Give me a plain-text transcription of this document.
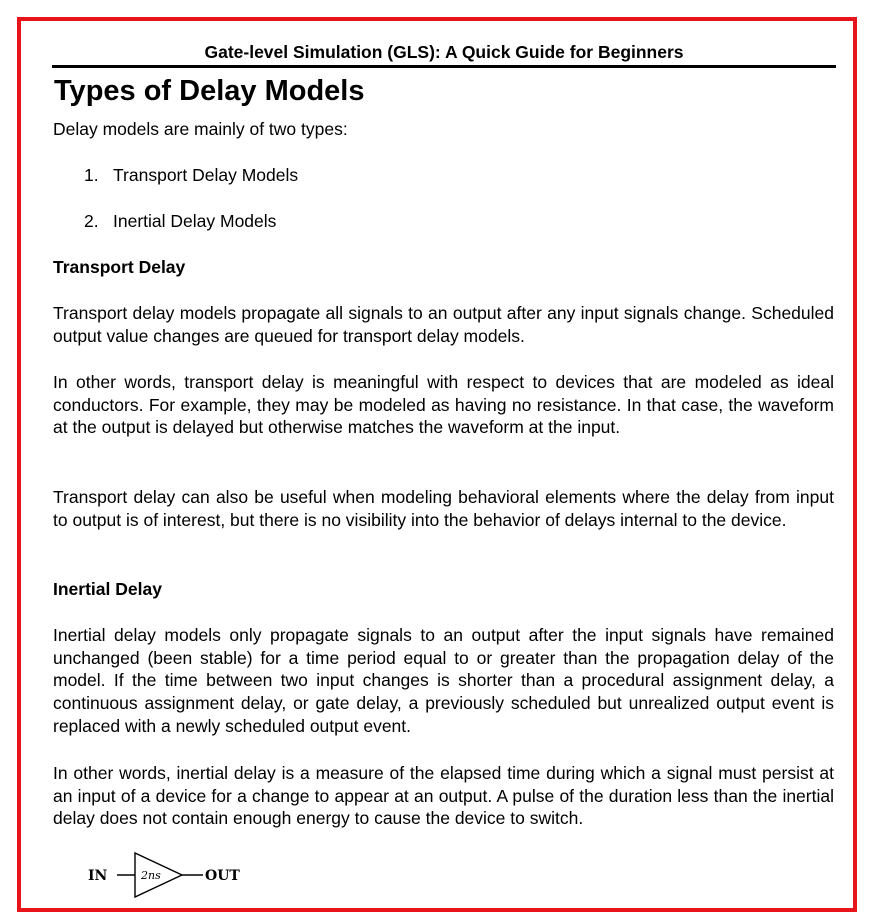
Gate-level Simulation (GLS): A Quick Guide for Beginners
Types of Delay Models

Delay models are mainly of two types:

1. Transport Delay Models
2. Inertial Delay Models
Transport Delay

Transport delay models propagate all signals to an output after any input signals change. Scheduled output value changes are queued for transport delay models.

In other words, transport delay is meaningful with respect to devices that are modeled as ideal conductors. For example, they may be modeled as having no resistance. In that case, the waveform at the output is delayed but otherwise matches the waveform at the input.

Transport delay can also be useful when modeling behavioral elements where the delay from input to output is of interest, but there is no visibility into the behavior of delays internal to the device.

Inertial Delay

Inertial delay models only propagate signals to an output after the input signals have remained unchanged (been stable) for a time period equal to or greater than the propagation delay of the model. If the time between two input changes is shorter than a procedural assignment delay, a continuous assignment delay, or gate delay, a previously scheduled but unrealized output event is replaced with a newly scheduled output event.

In other words, inertial delay is a measure of the elapsed time during which a signal must persist at an input of a device for a change to appear at an output. A pulse of the duration less than the inertial delay does not contain enough energy to cause the device to switch.

IN	2ns	OUT
